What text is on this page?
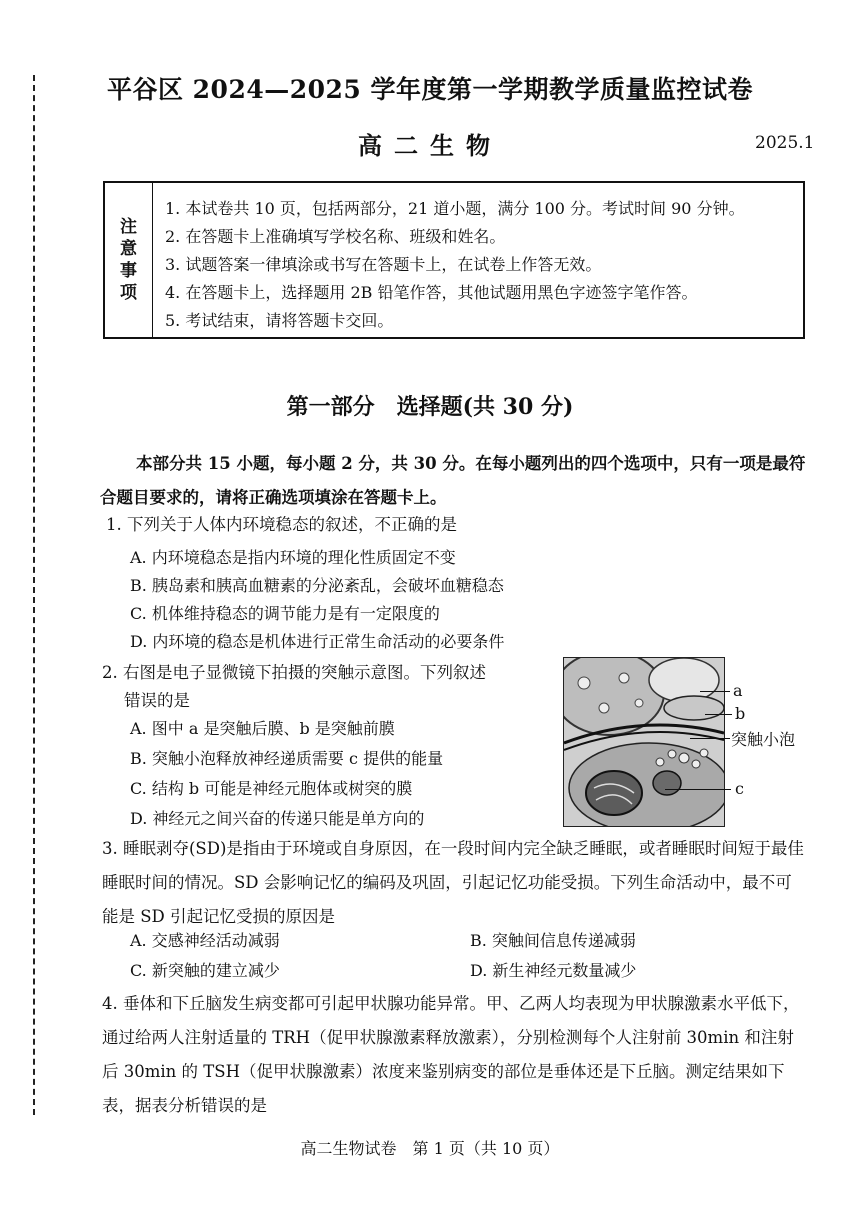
平谷区 2024—2025 学年度第一学期教学质量监控试卷
高二生物	2025.1
注
意
事
项
1. 本试卷共 10 页，包括两部分，21 道小题，满分 100 分。考试时间 90 分钟。
2. 在答题卡上准确填写学校名称、班级和姓名。
3. 试题答案一律填涂或书写在答题卡上，在试卷上作答无效。
4. 在答题卡上，选择题用 2B 铅笔作答，其他试题用黑色字迹签字笔作答。
5. 考试结束，请将答题卡交回。
第一部分　选择题(共 30 分)
本部分共 15 小题，每小题 2 分，共 30 分。在每小题列出的四个选项中，只有一项是最符合题目要求的，请将正确选项填涂在答题卡上。
1. 下列关于人体内环境稳态的叙述，不正确的是
A. 内环境稳态是指内环境的理化性质固定不变
B. 胰岛素和胰高血糖素的分泌紊乱，会破坏血糖稳态
C. 机体维持稳态的调节能力是有一定限度的
D. 内环境的稳态是机体进行正常生命活动的必要条件
2. 右图是电子显微镜下拍摄的突触示意图。下列叙述
错误的是
A. 图中 a 是突触后膜、b 是突触前膜
B. 突触小泡释放神经递质需要 c 提供的能量
C. 结构 b 可能是神经元胞体或树突的膜
D. 神经元之间兴奋的传递只能是单方向的
a
b
突触小泡
c
3. 睡眠剥夺(SD)是指由于环境或自身原因，在一段时间内完全缺乏睡眠，或者睡眠时间短于最佳睡眠时间的情况。SD 会影响记忆的编码及巩固，引起记忆功能受损。下列生命活动中，最不可能是 SD 引起记忆受损的原因是
A. 交感神经活动减弱	B. 突触间信息传递减弱
C. 新突触的建立减少	D. 新生神经元数量减少
4. 垂体和下丘脑发生病变都可引起甲状腺功能异常。甲、乙两人均表现为甲状腺激素水平低下，通过给两人注射适量的 TRH（促甲状腺激素释放激素），分别检测每个人注射前 30min 和注射后 30min 的 TSH（促甲状腺激素）浓度来鉴别病变的部位是垂体还是下丘脑。测定结果如下表，据表分析错误的是
高二生物试卷　第 1 页（共 10 页）
